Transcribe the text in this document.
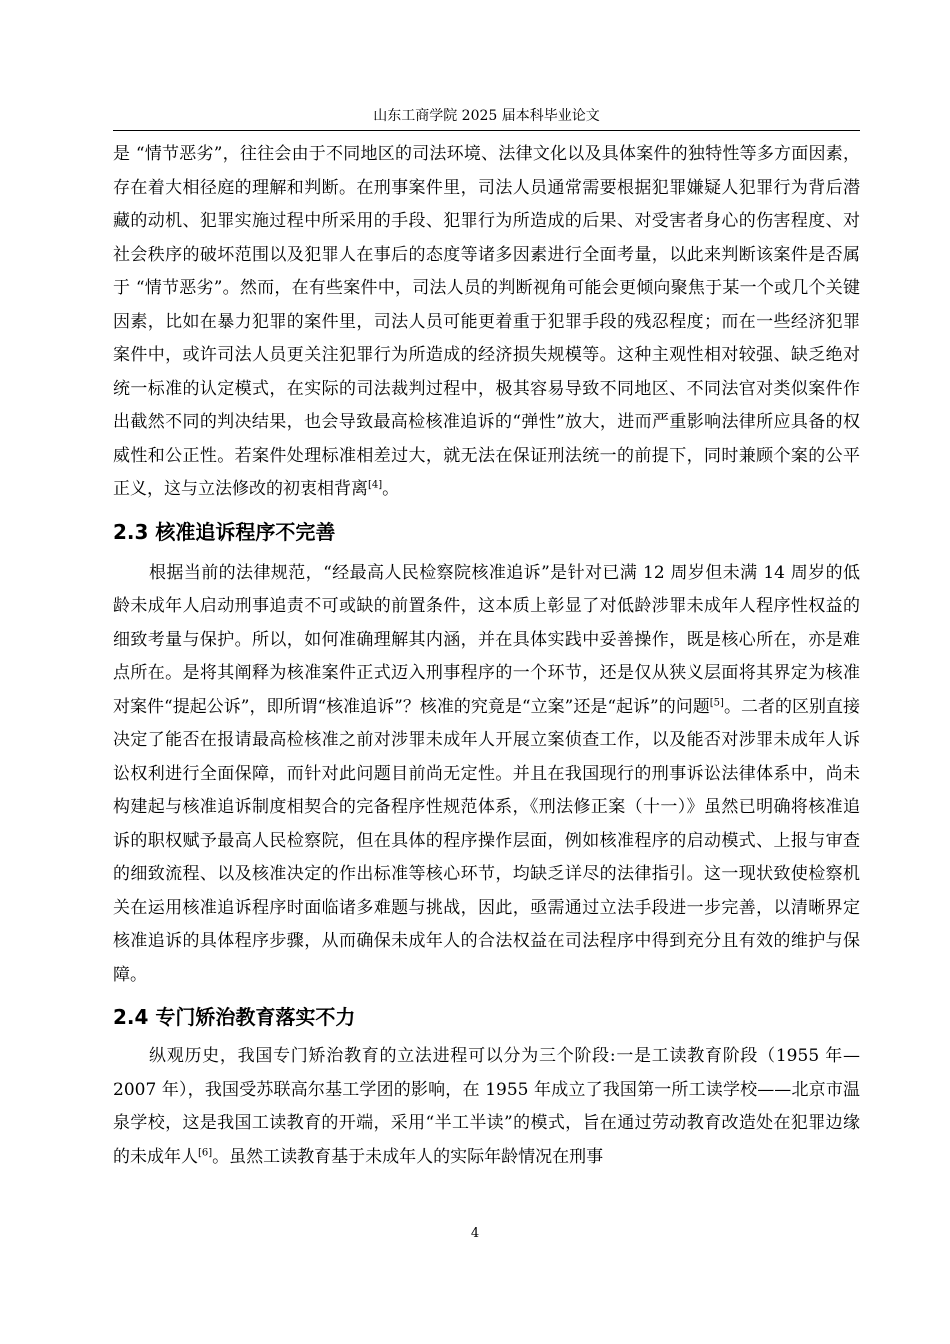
山东工商学院 2025 届本科毕业论文

是 “情节恶劣”，往往会由于不同地区的司法环境、法律文化以及具体案件的独特性等多方面因素，存在着大相径庭的理解和判断。在刑事案件里，司法人员通常需要根据犯罪嫌疑人犯罪行为背后潜藏的动机、犯罪实施过程中所采用的手段、犯罪行为所造成的后果、对受害者身心的伤害程度、对社会秩序的破坏范围以及犯罪人在事后的态度等诸多因素进行全面考量，以此来判断该案件是否属于 “情节恶劣”。然而，在有些案件中，司法人员的判断视角可能会更倾向聚焦于某一个或几个关键因素，比如在暴力犯罪的案件里，司法人员可能更着重于犯罪手段的残忍程度；而在一些经济犯罪案件中，或许司法人员更关注犯罪行为所造成的经济损失规模等。这种主观性相对较强、缺乏绝对统一标准的认定模式，在实际的司法裁判过程中，极其容易导致不同地区、不同法官对类似案件作出截然不同的判决结果，也会导致最高检核准追诉的“弹性”放大，进而严重影响法律所应具备的权威性和公正性。若案件处理标准相差过大，就无法在保证刑法统一的前提下，同时兼顾个案的公平正义，这与立法修改的初衷相背离[4]。

2.3 核准追诉程序不完善

根据当前的法律规范，“经最高人民检察院核准追诉”是针对已满 12 周岁但未满 14 周岁的低龄未成年人启动刑事追责不可或缺的前置条件，这本质上彰显了对低龄涉罪未成年人程序性权益的细致考量与保护。所以，如何准确理解其内涵，并在具体实践中妥善操作，既是核心所在，亦是难点所在。是将其阐释为核准案件正式迈入刑事程序的一个环节，还是仅从狭义层面将其界定为核准对案件“提起公诉”，即所谓“核准追诉”？核准的究竟是“立案”还是“起诉”的问题[5]。二者的区别直接决定了能否在报请最高检核准之前对涉罪未成年人开展立案侦查工作，以及能否对涉罪未成年人诉讼权利进行全面保障，而针对此问题目前尚无定性。并且在我国现行的刑事诉讼法律体系中，尚未构建起与核准追诉制度相契合的完备程序性规范体系，《刑法修正案（十一）》虽然已明确将核准追诉的职权赋予最高人民检察院，但在具体的程序操作层面，例如核准程序的启动模式、上报与审查的细致流程、以及核准决定的作出标准等核心环节，均缺乏详尽的法律指引。这一现状致使检察机关在运用核准追诉程序时面临诸多难题与挑战，因此，亟需通过立法手段进一步完善，以清晰界定核准追诉的具体程序步骤，从而确保未成年人的合法权益在司法程序中得到充分且有效的维护与保障。

2.4 专门矫治教育落实不力

纵观历史，我国专门矫治教育的立法进程可以分为三个阶段:一是工读教育阶段（1955 年—2007 年），我国受苏联高尔基工学团的影响，在 1955 年成立了我国第一所工读学校——北京市温泉学校，这是我国工读教育的开端，采用“半工半读”的模式，旨在通过劳动教育改造处在犯罪边缘的未成年人[6]。虽然工读教育基于未成年人的实际年龄情况在刑事

4
